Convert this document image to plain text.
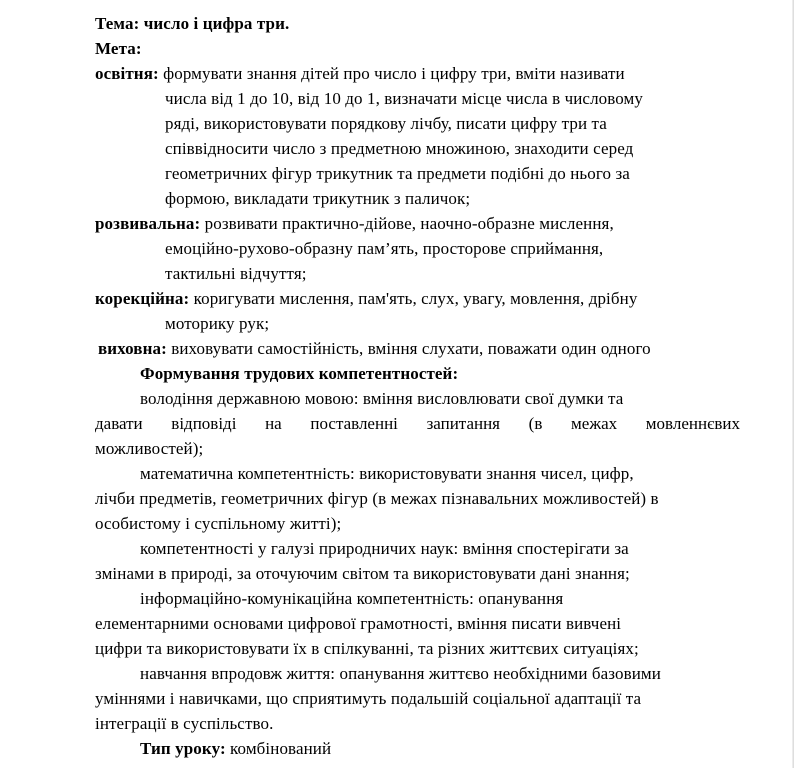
Тема: число і цифра три.
Мета:
освітня: формувати знання дітей про число і цифру три, вміти називати
числа від 1 до 10, від 10 до 1, визначати місце числа в числовому
ряді, використовувати порядкову лічбу, писати цифру три та
співвідносити число з предметною множиною, знаходити серед
геометричних фігур трикутник та предмети подібні до нього за
формою, викладати трикутник з паличок;
розвивальна: розвивати практично-дійове, наочно-образне мислення,
емоційно-рухово-образну пам’ять, просторове сприймання,
тактильні відчуття;
корекційна: коригувати мислення, пам'ять, слух, увагу, мовлення, дрібну
моторику рук;
виховна: виховувати самостійність, вміння слухати, поважати один одного
Формування трудових компетентностей:
володіння державною мовою: вміння висловлювати свої думки та
давати відповіді на поставленні запитання (в межах мовленнєвих
можливостей);
математична компетентність: використовувати знання чисел, цифр,
лічби предметів, геометричних фігур (в межах пізнавальних можливостей) в
особистому і суспільному житті);
компетентності у галузі природничих наук: вміння спостерігати за
змінами в природі, за оточуючим світом та використовувати дані знання;
інформаційно-комунікаційна компетентність: опанування
елементарними основами цифрової грамотності, вміння писати вивчені
цифри та використовувати їх в спілкуванні, та різних життєвих ситуаціях;
навчання впродовж життя: опанування життєво необхідними базовими
уміннями і навичками, що сприятимуть подальшій соціальної адаптації та
інтеграції в суспільство.
Тип уроку: комбінований
